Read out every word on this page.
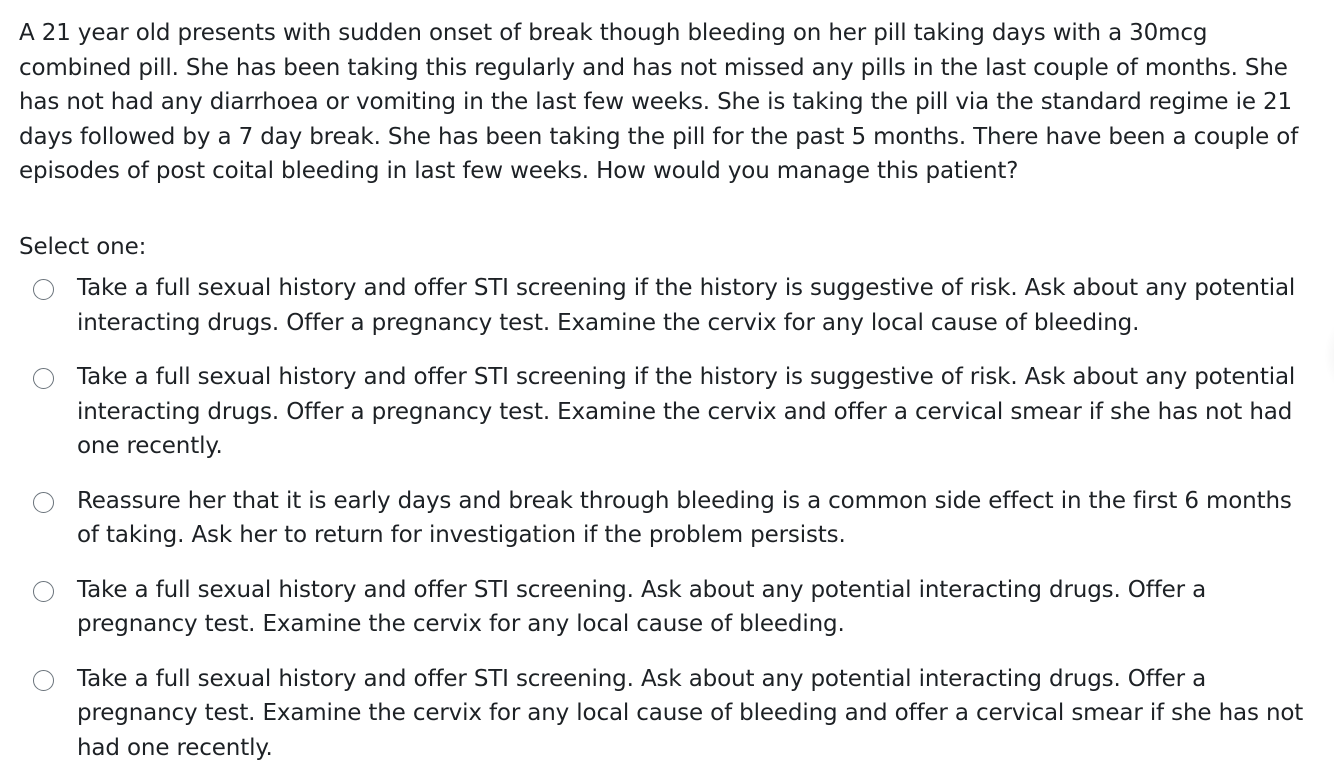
A 21 year old presents with sudden onset of break though bleeding on her pill taking days with a 30mcg combined pill. She has been taking this regularly and has not missed any pills in the last couple of months. She has not had any diarrhoea or vomiting in the last few weeks. She is taking the pill via the standard regime ie 21 days followed by a 7 day break. She has been taking the pill for the past 5 months. There have been a couple of episodes of post coital bleeding in last few weeks. How would you manage this patient?

Select one:

Take a full sexual history and offer STI screening if the history is suggestive of risk. Ask about any potential interacting drugs. Offer a pregnancy test. Examine the cervix for any local cause of bleeding.
Take a full sexual history and offer STI screening if the history is suggestive of risk. Ask about any potential interacting drugs. Offer a pregnancy test. Examine the cervix and offer a cervical smear if she has not had one recently.
Reassure her that it is early days and break through bleeding is a common side effect in the first 6 months of taking. Ask her to return for investigation if the problem persists.
Take a full sexual history and offer STI screening. Ask about any potential interacting drugs. Offer a pregnancy test. Examine the cervix for any local cause of bleeding.
Take a full sexual history and offer STI screening. Ask about any potential interacting drugs. Offer a pregnancy test. Examine the cervix for any local cause of bleeding and offer a cervical smear if she has not had one recently.
